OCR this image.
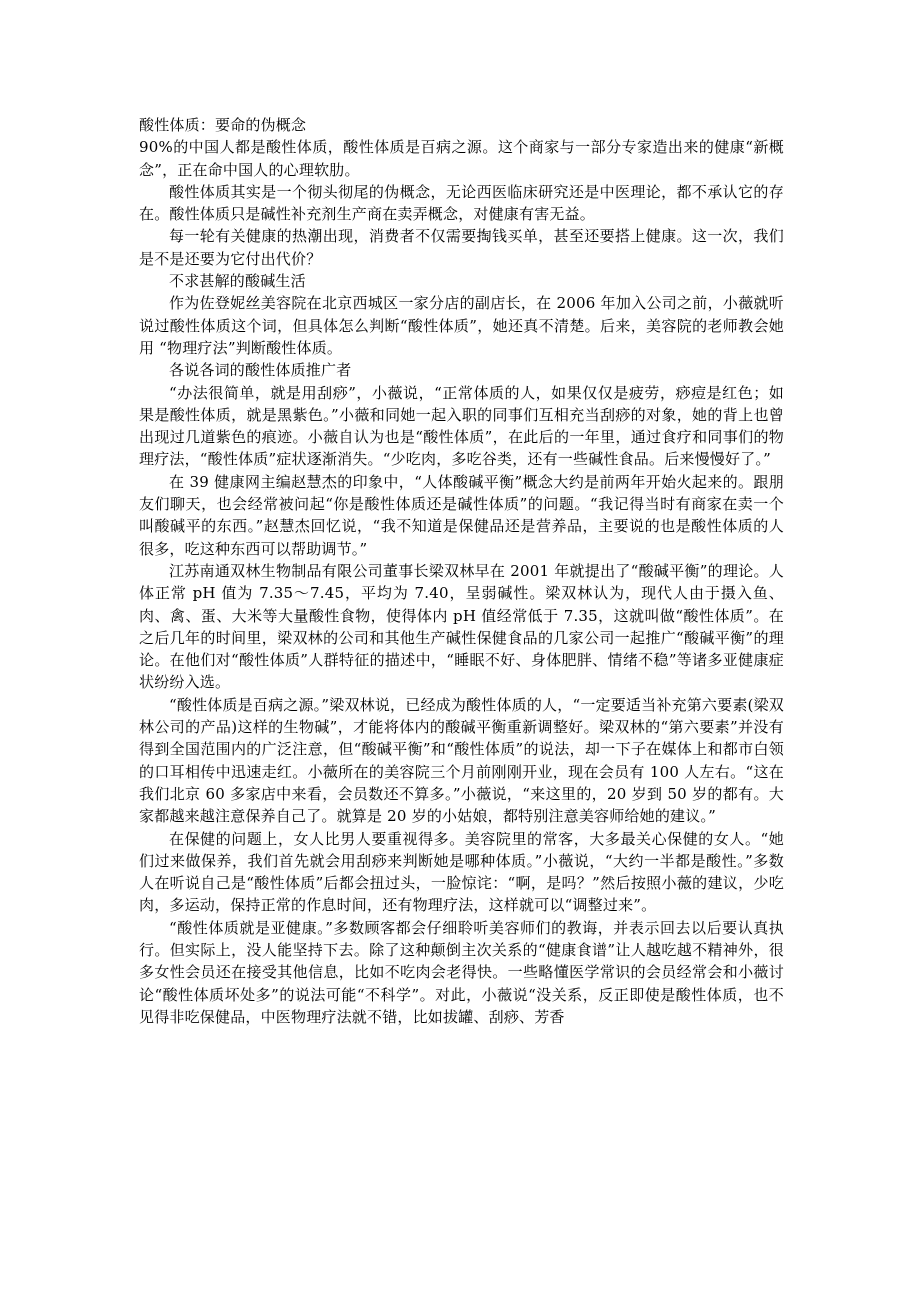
酸性体质：要命的伪概念

90%的中国人都是酸性体质，酸性体质是百病之源。这个商家与一部分专家造出来的健康“新概念”，正在命中国人的心理软肋。

酸性体质其实是一个彻头彻尾的伪概念，无论西医临床研究还是中医理论，都不承认它的存在。酸性体质只是碱性补充剂生产商在卖弄概念，对健康有害无益。

每一轮有关健康的热潮出现，消费者不仅需要掏钱买单，甚至还要搭上健康。这一次，我们是不是还要为它付出代价？

不求甚解的酸碱生活

作为佐登妮丝美容院在北京西城区一家分店的副店长，在 2006 年加入公司之前，小薇就听说过酸性体质这个词，但具体怎么判断“酸性体质”，她还真不清楚。后来，美容院的老师教会她用 “物理疗法”判断酸性体质。

各说各词的酸性体质推广者

“办法很简单，就是用刮痧”，小薇说，“正常体质的人，如果仅仅是疲劳，痧痘是红色；如果是酸性体质，就是黑紫色。”小薇和同她一起入职的同事们互相充当刮痧的对象，她的背上也曾出现过几道紫色的痕迹。小薇自认为也是“酸性体质”，在此后的一年里，通过食疗和同事们的物理疗法，“酸性体质”症状逐渐消失。“少吃肉，多吃谷类，还有一些碱性食品。后来慢慢好了。”

在 39 健康网主编赵慧杰的印象中，“人体酸碱平衡”概念大约是前两年开始火起来的。跟朋友们聊天，也会经常被问起“你是酸性体质还是碱性体质”的问题。“我记得当时有商家在卖一个叫酸碱平的东西。”赵慧杰回忆说，“我不知道是保健品还是营养品，主要说的也是酸性体质的人很多，吃这种东西可以帮助调节。”

江苏南通双林生物制品有限公司董事长梁双林早在 2001 年就提出了“酸碱平衡”的理论。人体正常 pH 值为 7.35～7.45，平均为 7.40，呈弱碱性。梁双林认为，现代人由于摄入鱼、肉、禽、蛋、大米等大量酸性食物，使得体内 pH 值经常低于 7.35，这就叫做“酸性体质”。在之后几年的时间里，梁双林的公司和其他生产碱性保健食品的几家公司一起推广“酸碱平衡”的理论。在他们对“酸性体质”人群特征的描述中，“睡眠不好、身体肥胖、情绪不稳”等诸多亚健康症状纷纷入选。

“酸性体质是百病之源。”梁双林说，已经成为酸性体质的人，“一定要适当补充第六要素(梁双林公司的产品)这样的生物碱”，才能将体内的酸碱平衡重新调整好。梁双林的“第六要素”并没有得到全国范围内的广泛注意，但“酸碱平衡”和“酸性体质”的说法，却一下子在媒体上和都市白领的口耳相传中迅速走红。小薇所在的美容院三个月前刚刚开业，现在会员有 100 人左右。“这在我们北京 60 多家店中来看，会员数还不算多。”小薇说，“来这里的，20 岁到 50 岁的都有。大家都越来越注意保养自己了。就算是 20 岁的小姑娘，都特别注意美容师给她的建议。”

在保健的问题上，女人比男人要重视得多。美容院里的常客，大多最关心保健的女人。“她们过来做保养，我们首先就会用刮痧来判断她是哪种体质。”小薇说，“大约一半都是酸性。”多数人在听说自己是“酸性体质”后都会扭过头，一脸惊诧：“啊，是吗？”然后按照小薇的建议，少吃肉，多运动，保持正常的作息时间，还有物理疗法，这样就可以“调整过来”。

“酸性体质就是亚健康。”多数顾客都会仔细聆听美容师们的教诲，并表示回去以后要认真执行。但实际上，没人能坚持下去。除了这种颠倒主次关系的“健康食谱”让人越吃越不精神外，很多女性会员还在接受其他信息，比如不吃肉会老得快。一些略懂医学常识的会员经常会和小薇讨论“酸性体质坏处多”的说法可能“不科学”。对此，小薇说“没关系，反正即使是酸性体质，也不见得非吃保健品，中医物理疗法就不错，比如拔罐、刮痧、芳香
